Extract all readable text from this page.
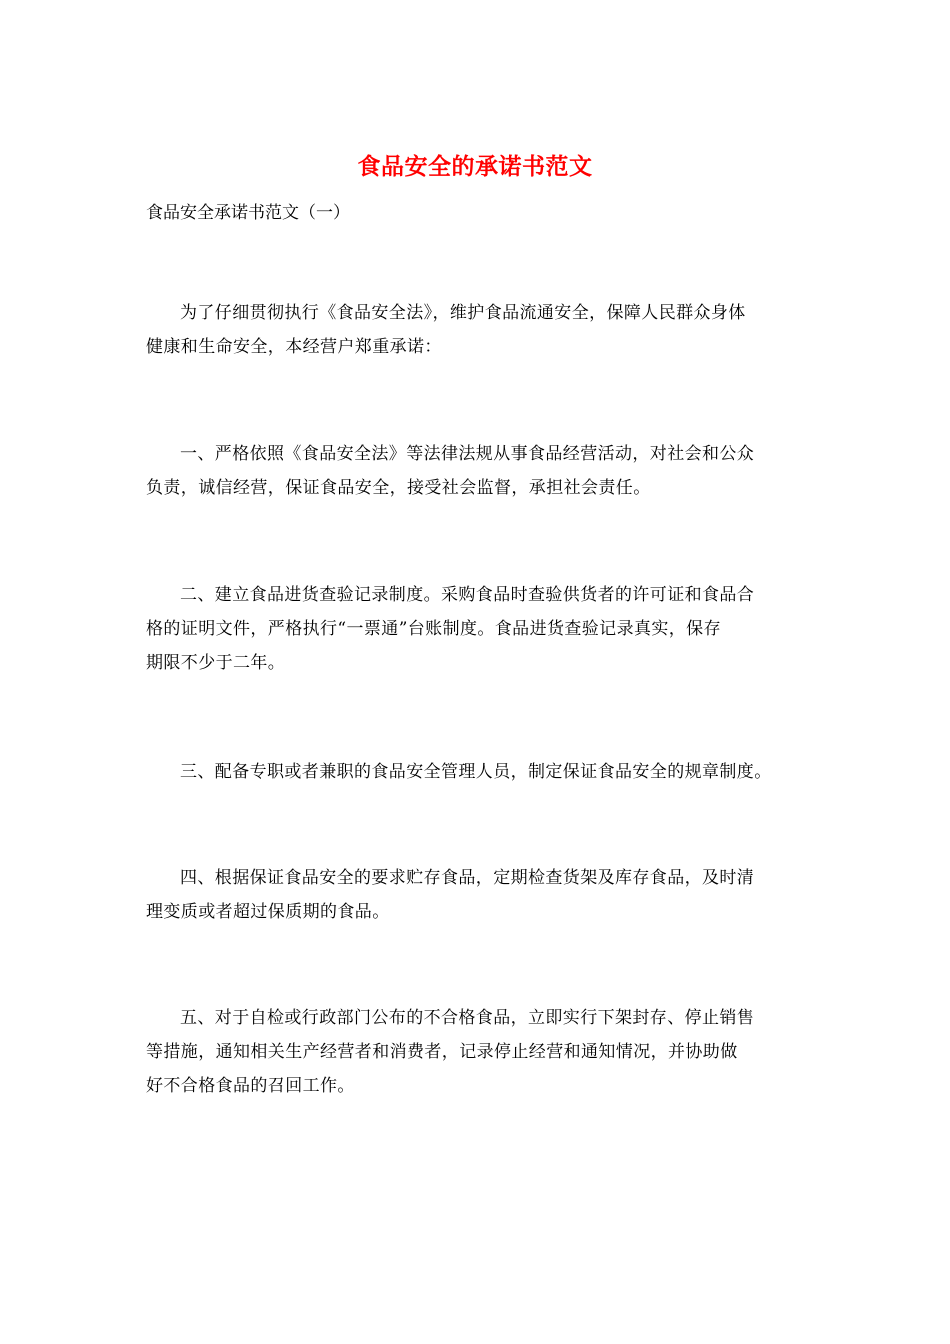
食品安全的承诺书范文
食品安全承诺书范文（一）
为了仔细贯彻执行《食品安全法》，维护食品流通安全，保障人民群众身体
健康和生命安全，本经营户郑重承诺：
一、严格依照《食品安全法》等法律法规从事食品经营活动，对社会和公众
负责，诚信经营，保证食品安全，接受社会监督，承担社会责任。
二、建立食品进货查验记录制度。采购食品时查验供货者的许可证和食品合
格的证明文件，严格执行“一票通”台账制度。食品进货查验记录真实，保存
期限不少于二年。
三、配备专职或者兼职的食品安全管理人员，制定保证食品安全的规章制度。
四、根据保证食品安全的要求贮存食品，定期检查货架及库存食品，及时清
理变质或者超过保质期的食品。
五、对于自检或行政部门公布的不合格食品，立即实行下架封存、停止销售
等措施，通知相关生产经营者和消费者，记录停止经营和通知情况，并协助做
好不合格食品的召回工作。
